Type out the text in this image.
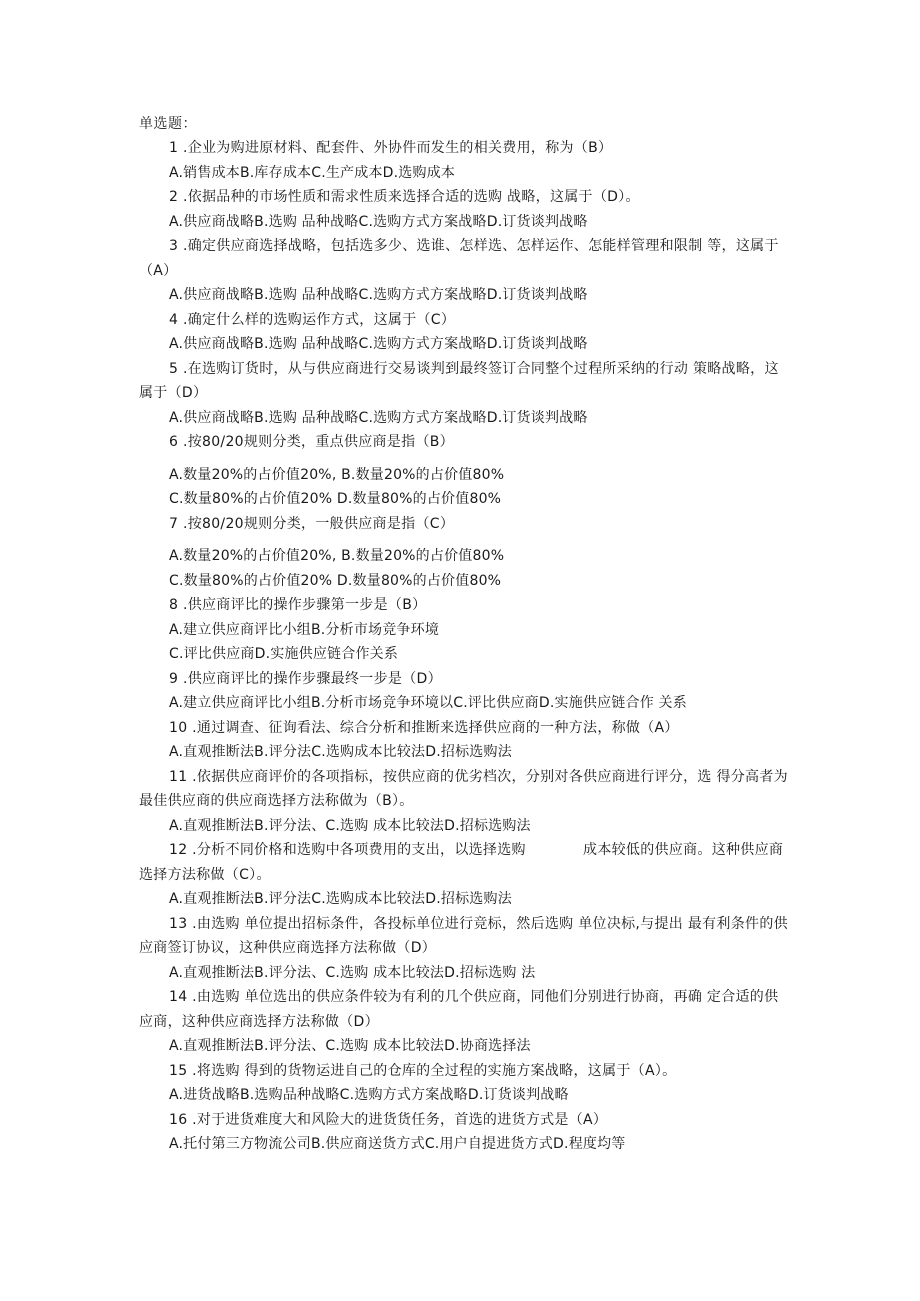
单选题：

1 .企业为购进原材料、配套件、外协件而发生的相关费用，称为（B）

A.销售成本B.库存成本C.生产成本D.选购成本

2 .依据品种的市场性质和需求性质来选择合适的选购 战略，这属于（D）。

A.供应商战略B.选购 品种战略C.选购方式方案战略D.订货谈判战略

3 .确定供应商选择战略，包括选多少、选谁、怎样选、怎样运作、怎能样管理和限制 等，这属于（A）

A.供应商战略B.选购 品种战略C.选购方式方案战略D.订货谈判战略

4 .确定什么样的选购运作方式，这属于（C）

A.供应商战略B.选购 品种战略C.选购方式方案战略D.订货谈判战略

5 .在选购订货时，从与供应商进行交易谈判到最终签订合同整个过程所采纳的行动 策略战略，这属于（D）

A.供应商战略B.选购 品种战略C.选购方式方案战略D.订货谈判战略

6 .按80/20规则分类，重点供应商是指（B）

A.数量20%的占价值20%, B.数量20%的占价值80%
C.数量80%的占价值20% D.数量80%的占价值80%

7 .按80/20规则分类，一般供应商是指（C）

A.数量20%的占价值20%, B.数量20%的占价值80%
C.数量80%的占价值20% D.数量80%的占价值80%

8 .供应商评比的操作步骤第一步是（B）

A.建立供应商评比小组B.分析市场竞争环境
C.评比供应商D.实施供应链合作关系

9 .供应商评比的操作步骤最终一步是（D）

A.建立供应商评比小组B.分析市场竞争环境以C.评比供应商D.实施供应链合作 关系

10 .通过调查、征询看法、综合分析和推断来选择供应商的一种方法，称做（A）

A.直观推断法B.评分法C.选购成本比较法D.招标选购法

11 .依据供应商评价的各项指标，按供应商的优劣档次，分别对各供应商进行评分，选 得分高者为最佳供应商的供应商选择方法称做为（B）。

A.直观推断法B.评分法、C.选购 成本比较法D.招标选购法

12 .分析不同价格和选购中各项费用的支出，以选择选购　　　　成本较低的供应商。这种供应商选择方法称做（C）。

A.直观推断法B.评分法C.选购成本比较法D.招标选购法

13 .由选购 单位提出招标条件，各投标单位进行竞标，然后选购 单位决标,与提出 最有利条件的供应商签订协议，这种供应商选择方法称做（D）

A.直观推断法B.评分法、C.选购 成本比较法D.招标选购 法

14 .由选购 单位选出的供应条件较为有利的几个供应商，同他们分别进行协商，再确 定合适的供应商，这种供应商选择方法称做（D）

A.直观推断法B.评分法、C.选购 成本比较法D.协商选择法

15 .将选购 得到的货物运进自己的仓库的全过程的实施方案战略，这属于（A）。

A.进货战略B.选购品种战略C.选购方式方案战略D.订货谈判战略

16 .对于进货难度大和风险大的进货货任务，首选的进货方式是（A）

A.托付第三方物流公司B.供应商送货方式C.用户自提进货方式D.程度均等
